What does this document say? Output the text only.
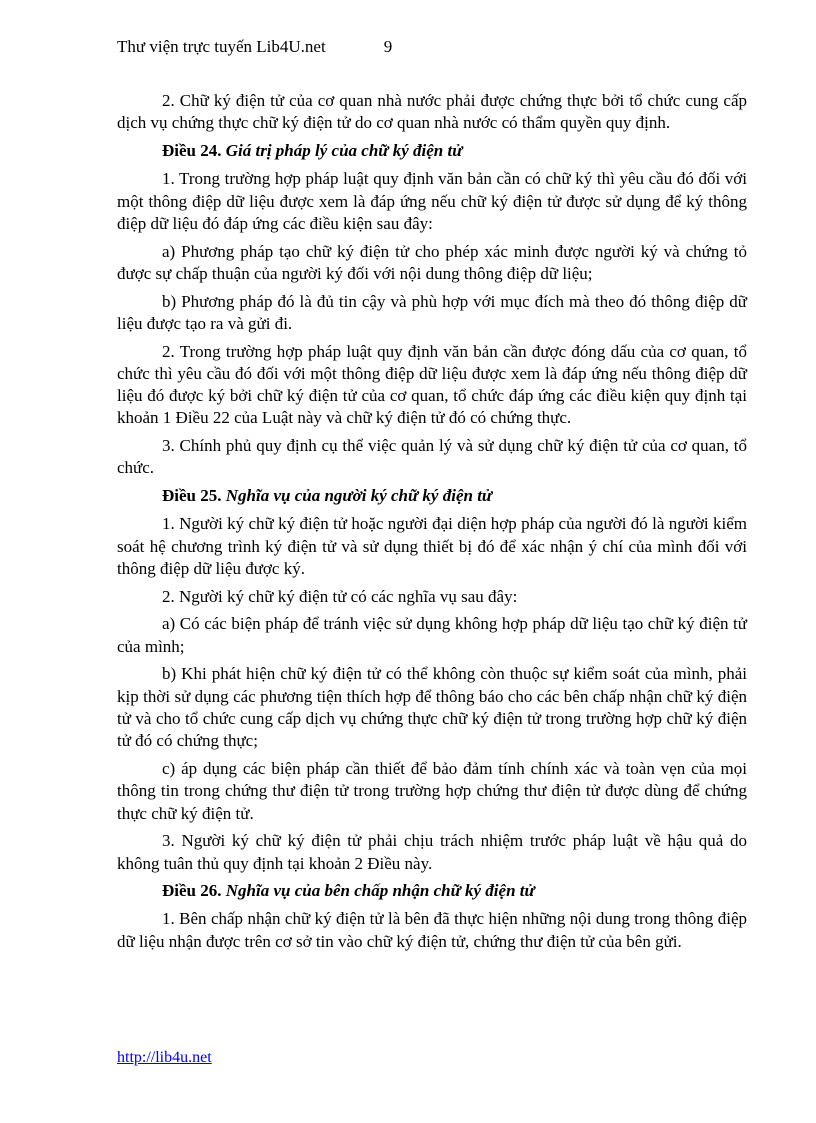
Thư viện trực tuyến Lib4U.net	9

2. Chữ ký điện tử của cơ quan nhà nước phải được chứng thực bởi tổ chức cung cấp dịch vụ chứng thực chữ ký điện tử do cơ quan nhà nước có thẩm quyền quy định.

Điều 24. Giá trị pháp lý của chữ ký điện tử

1. Trong trường hợp pháp luật quy định văn bản cần có chữ ký thì yêu cầu đó đối với một thông điệp dữ liệu được xem là đáp ứng nếu chữ ký điện tử được sử dụng để ký thông điệp dữ liệu đó đáp ứng các điều kiện sau đây:

a) Phương pháp tạo chữ ký điện tử cho phép xác minh được người ký và chứng tỏ được sự chấp thuận của người ký đối với nội dung thông điệp dữ liệu;

b) Phương pháp đó là đủ tin cậy và phù hợp với mục đích mà theo đó thông điệp dữ liệu được tạo ra và gửi đi.

2. Trong trường hợp pháp luật quy định văn bản cần được đóng dấu của cơ quan, tổ chức thì yêu cầu đó đối với một thông điệp dữ liệu được xem là đáp ứng nếu thông điệp dữ liệu đó được ký bởi chữ ký điện tử của cơ quan, tổ chức đáp ứng các điều kiện quy định tại khoản 1 Điều 22 của Luật này và chữ ký điện tử đó có chứng thực.

3. Chính phủ quy định cụ thể việc quản lý và sử dụng chữ ký điện tử của cơ quan, tổ chức.

Điều 25. Nghĩa vụ của người ký chữ ký điện tử

1. Người ký chữ ký điện tử hoặc người đại diện hợp pháp của người đó là người kiểm soát hệ chương trình ký điện tử và sử dụng thiết bị đó để xác nhận ý chí của mình đối với thông điệp dữ liệu được ký.

2. Người ký chữ ký điện tử có các nghĩa vụ sau đây:

a) Có các biện pháp để tránh việc sử dụng không hợp pháp dữ liệu tạo chữ ký điện tử của mình;

b) Khi phát hiện chữ ký điện tử có thể không còn thuộc sự kiểm soát của mình, phải kịp thời sử dụng các phương tiện thích hợp để thông báo cho các bên chấp nhận chữ ký điện tử và cho tổ chức cung cấp dịch vụ chứng thực chữ ký điện tử trong trường hợp chữ ký điện tử đó có chứng thực;

c) áp dụng các biện pháp cần thiết để bảo đảm tính chính xác và toàn vẹn của mọi thông tin trong chứng thư điện tử trong trường hợp chứng thư điện tử được dùng để chứng thực chữ ký điện tử.

3. Người ký chữ ký điện tử phải chịu trách nhiệm trước pháp luật về hậu quả do không tuân thủ quy định tại khoản 2 Điều này.

Điều 26. Nghĩa vụ của bên chấp nhận chữ ký điện tử

1. Bên chấp nhận chữ ký điện tử là bên đã thực hiện những nội dung trong thông điệp dữ liệu nhận được trên cơ sở tin vào chữ ký điện tử, chứng thư điện tử của bên gửi.

http://lib4u.net
